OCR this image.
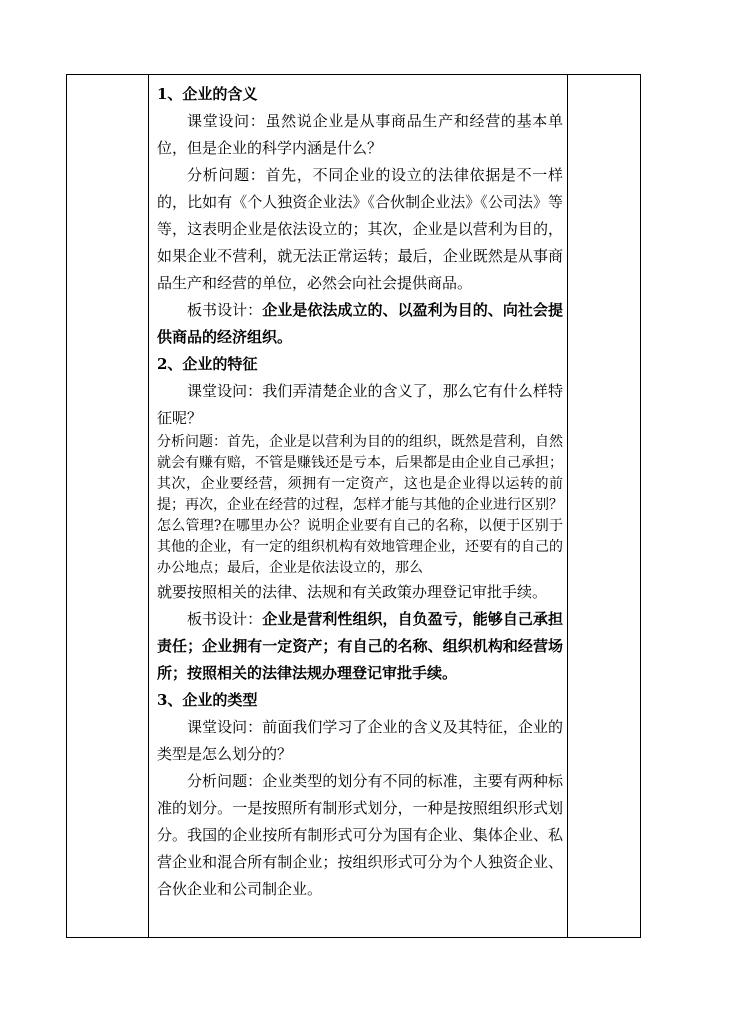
1、企业的含义

课堂设问：虽然说企业是从事商品生产和经营的基本单位，但是企业的科学内涵是什么？

分析问题：首先，不同企业的设立的法律依据是不一样的，比如有《个人独资企业法》《合伙制企业法》《公司法》等等，这表明企业是依法设立的；其次，企业是以营利为目的，如果企业不营利，就无法正常运转；最后，企业既然是从事商品生产和经营的单位，必然会向社会提供商品。

板书设计：企业是依法成立的、以盈利为目的、向社会提供商品的经济组织。

2、企业的特征

课堂设问：我们弄清楚企业的含义了，那么它有什么样特征呢？

分析问题：首先，企业是以营利为目的的组织，既然是营利，自然就会有赚有赔，不管是赚钱还是亏本，后果都是由企业自己承担；其次，企业要经营，须拥有一定资产，这也是企业得以运转的前提；再次，企业在经营的过程，怎样才能与其他的企业进行区别？怎么管理?在哪里办公？说明企业要有自己的名称，以便于区别于其他的企业，有一定的组织机构有效地管理企业，还要有的自己的办公地点；最后，企业是依法设立的，那么

就要按照相关的法律、法规和有关政策办理登记审批手续。

板书设计：企业是营利性组织，自负盈亏，能够自己承担责任；企业拥有一定资产；有自己的名称、组织机构和经营场所；按照相关的法律法规办理登记审批手续。

3、企业的类型

课堂设问：前面我们学习了企业的含义及其特征，企业的类型是怎么划分的？

分析问题：企业类型的划分有不同的标准，主要有两种标准的划分。一是按照所有制形式划分，一种是按照组织形式划分。我国的企业按所有制形式可分为国有企业、集体企业、私营企业和混合所有制企业；按组织形式可分为个人独资企业、合伙企业和公司制企业。
